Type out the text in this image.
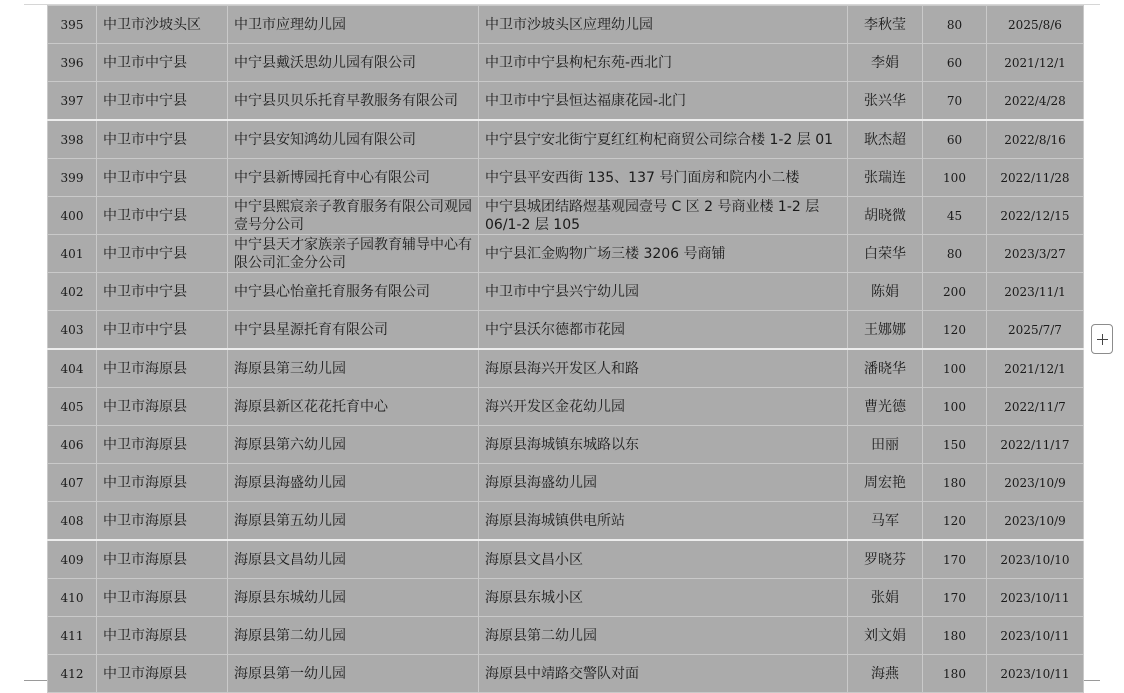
395	中卫市沙坡头区	中卫市应理幼儿园	中卫市沙坡头区应理幼儿园	李秋莹	80	2025/8/6
396	中卫市中宁县	中宁县戴沃思幼儿园有限公司	中卫市中宁县枸杞东苑-西北门	李娟	60	2021/12/1
397	中卫市中宁县	中宁县贝贝乐托育早教服务有限公司	中卫市中宁县恒达福康花园-北门	张兴华	70	2022/4/28
398	中卫市中宁县	中宁县安知鸿幼儿园有限公司	中宁县宁安北街宁夏红红枸杞商贸公司综合楼 1-2 层 01	耿杰超	60	2022/8/16
399	中卫市中宁县	中宁县新博园托育中心有限公司	中宁县平安西街 135、137 号门面房和院内小二楼	张瑞连	100	2022/11/28
400	中卫市中宁县	中宁县熙宸亲子教育服务有限公司观园壹号分公司	中宁县城团结路煜基观园壹号 C 区 2 号商业楼 1-2 层 06/1-2 层 105	胡晓微	45	2022/12/15
401	中卫市中宁县	中宁县天才家族亲子园教育辅导中心有限公司汇金分公司	中宁县汇金购物广场三楼 3206 号商铺	白荣华	80	2023/3/27
402	中卫市中宁县	中宁县心怡童托育服务有限公司	中卫市中宁县兴宁幼儿园	陈娟	200	2023/11/1
403	中卫市中宁县	中宁县星源托育有限公司	中宁县沃尔德都市花园	王娜娜	120	2025/7/7
404	中卫市海原县	海原县第三幼儿园	海原县海兴开发区人和路	潘晓华	100	2021/12/1
405	中卫市海原县	海原县新区花花托育中心	海兴开发区金花幼儿园	曹光德	100	2022/11/7
406	中卫市海原县	海原县第六幼儿园	海原县海城镇东城路以东	田丽	150	2022/11/17
407	中卫市海原县	海原县海盛幼儿园	海原县海盛幼儿园	周宏艳	180	2023/10/9
408	中卫市海原县	海原县第五幼儿园	海原县海城镇供电所站	马军	120	2023/10/9
409	中卫市海原县	海原县文昌幼儿园	海原县文昌小区	罗晓芬	170	2023/10/10
410	中卫市海原县	海原县东城幼儿园	海原县东城小区	张娟	170	2023/10/11
411	中卫市海原县	海原县第二幼儿园	海原县第二幼儿园	刘文娟	180	2023/10/11
412	中卫市海原县	海原县第一幼儿园	海原县中靖路交警队对面	海燕	180	2023/10/11
